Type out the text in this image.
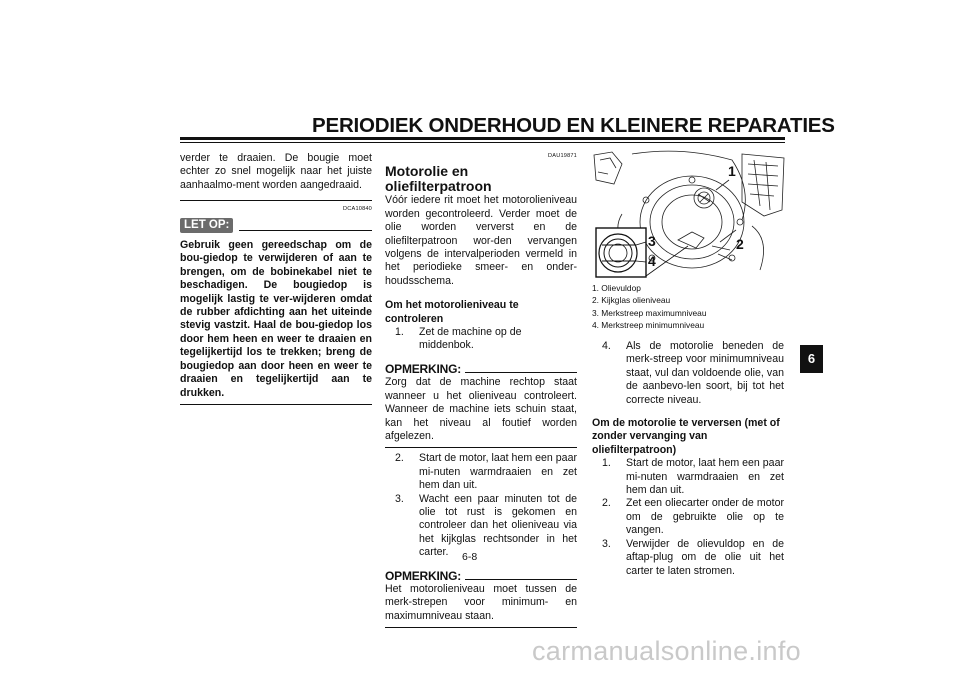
PERIODIEK ONDERHOUD EN KLEINERE REPARATIES

verder te draaien. De bougie moet echter zo snel mogelijk naar het juiste aanhaalmo-ment worden aangedraaid.

DCA10840
LET OP:

Gebruik geen gereedschap om de bou-giedop te verwijderen of aan te brengen, om de bobinekabel niet te beschadigen. De bougiedop is mogelijk lastig te ver-wijderen omdat de rubber afdichting aan het uiteinde stevig vastzit. Haal de bou-giedop los door hem heen en weer te draaien en tegelijkertijd los te trekken; breng de bougiedop aan door heen en weer te draaien en tegelijkertijd aan te drukken.

DAU19871
Motorolie en oliefilterpatroon

Vóór iedere rit moet het motorolieniveau worden gecontroleerd. Verder moet de olie worden ververst en de oliefilterpatroon wor-den vervangen volgens de intervalperioden vermeld in het periodieke smeer- en onder-houdsschema.

Om het motorolieniveau te controleren

1.	Zet de machine op de middenbok.
OPMERKING:

Zorg dat de machine rechtop staat wanneer u het olieniveau controleert. Wanneer de machine iets schuin staat, kan het niveau al foutief worden afgelezen.

2.	Start de motor, laat hem een paar mi-nuten warmdraaien en zet hem dan uit.
3.	Wacht een paar minuten tot de olie tot rust is gekomen en controleer dan het olieniveau via het kijkglas rechtsonder in het carter.
OPMERKING:

Het motorolieniveau moet tussen de merk-strepen voor minimum- en maximumniveau staan.

1
2
3
4
1. Olievuldop
2. Kijkglas olieniveau
3. Merkstreep maximumniveau
4. Merkstreep minimumniveau
4.	Als de motorolie beneden de merk-streep voor minimumniveau staat, vul dan voldoende olie, van de aanbevo-len soort, bij tot het correcte niveau.

Om de motorolie te verversen (met of zonder vervanging van oliefilterpatroon)

1.	Start de motor, laat hem een paar mi-nuten warmdraaien en zet hem dan uit.
2.	Zet een oliecarter onder de motor om de gebruikte olie op te vangen.
3.	Verwijder de olievuldop en de aftap-plug om de olie uit het carter te laten stromen.
6
6-8
carmanualsonline.info
